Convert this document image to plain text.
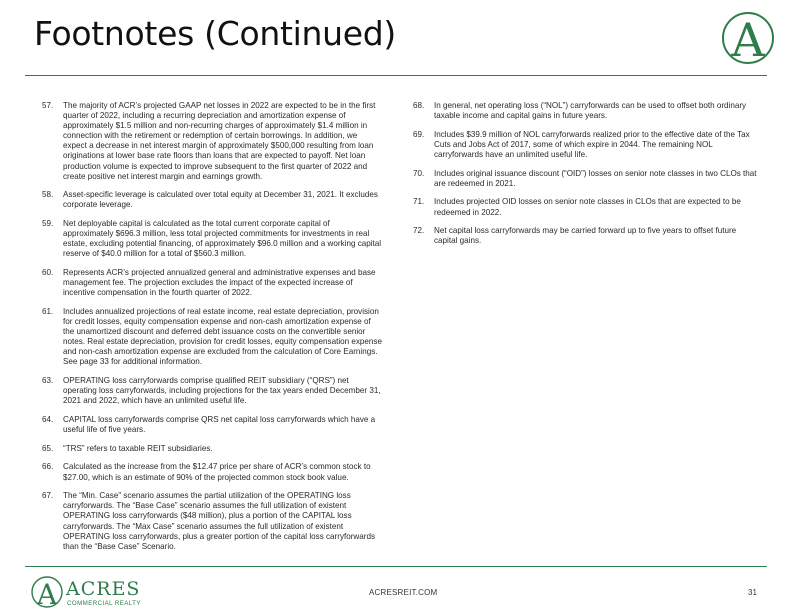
Footnotes (Continued)	A
57.	The majority of ACR’s projected GAAP net losses in 2022 are expected to be in the first quarter of 2022, including a recurring depreciation and amortization expense of approximately $1.5 million and non-recurring charges of approximately $1.4 million in connection with the retirement or redemption of certain borrowings. In addition, we expect a decrease in net interest margin of approximately $500,000 resulting from loan originations at lower base rate floors than loans that are expected to payoff. Net loan production volume is expected to improve subsequent to the first quarter of 2022 and create positive net interest margin and earnings growth.
58.	Asset-specific leverage is calculated over total equity at December 31, 2021. It excludes corporate leverage.
59.	Net deployable capital is calculated as the total current corporate capital of approximately $696.3 million, less total projected commitments for investments in real estate, excluding potential financing, of approximately $96.0 million and a working capital reserve of $40.0 million for a total of $560.3 million.
60.	Represents ACR’s projected annualized general and administrative expenses and base management fee. The projection excludes the impact of the expected increase of incentive compensation in the fourth quarter of 2022.
61.	Includes annualized projections of real estate income, real estate depreciation, provision for credit losses, equity compensation expense and non-cash amortization expense of the unamortized discount and deferred debt issuance costs on the convertible senior notes. Real estate depreciation, provision for credit losses, equity compensation expense and non-cash amortization expense are excluded from the calculation of Core Earnings. See page 33 for additional information.
63.	OPERATING loss carryforwards comprise qualified REIT subsidiary (“QRS”) net operating loss carryforwards, including projections for the tax years ended December 31, 2021 and 2022, which have an unlimited useful life.
64.	CAPITAL loss carryforwards comprise QRS net capital loss carryforwards which have a useful life of five years.
65.	“TRS” refers to taxable REIT subsidiaries.
66.	Calculated as the increase from the $12.47 price per share of ACR’s common stock to $27.00, which is an estimate of 90% of the projected common stock book value.
67.	The “Min. Case” scenario assumes the partial utilization of the OPERATING loss carryforwards. The “Base Case” scenario assumes the full utilization of existent OPERATING loss carryforwards ($48 million), plus a portion of the CAPITAL loss carryforwards. The “Max Case” scenario assumes the full utilization of existent OPERATING loss carryforwards, plus a greater portion of the capital loss carryforwards than the “Base Case” Scenario.
68.	In general, net operating loss (“NOL”) carryforwards can be used to offset both ordinary taxable income and capital gains in future years.
69.	Includes $39.9 million of NOL carryforwards realized prior to the effective date of the Tax Cuts and Jobs Act of 2017, some of which expire in 2044. The remaining NOL carryforwards have an unlimited useful life.
70.	Includes original issuance discount (“OID”) losses on senior note classes in two CLOs that are redeemed in 2021.
71.	Includes projected OID losses on senior note classes in CLOs that are expected to be redeemed in 2022.
72.	Net capital loss carryforwards may be carried forward up to five years to offset future capital gains.
A ACRES
COMMERCIAL REALTY
ACRESREIT.COM	31
